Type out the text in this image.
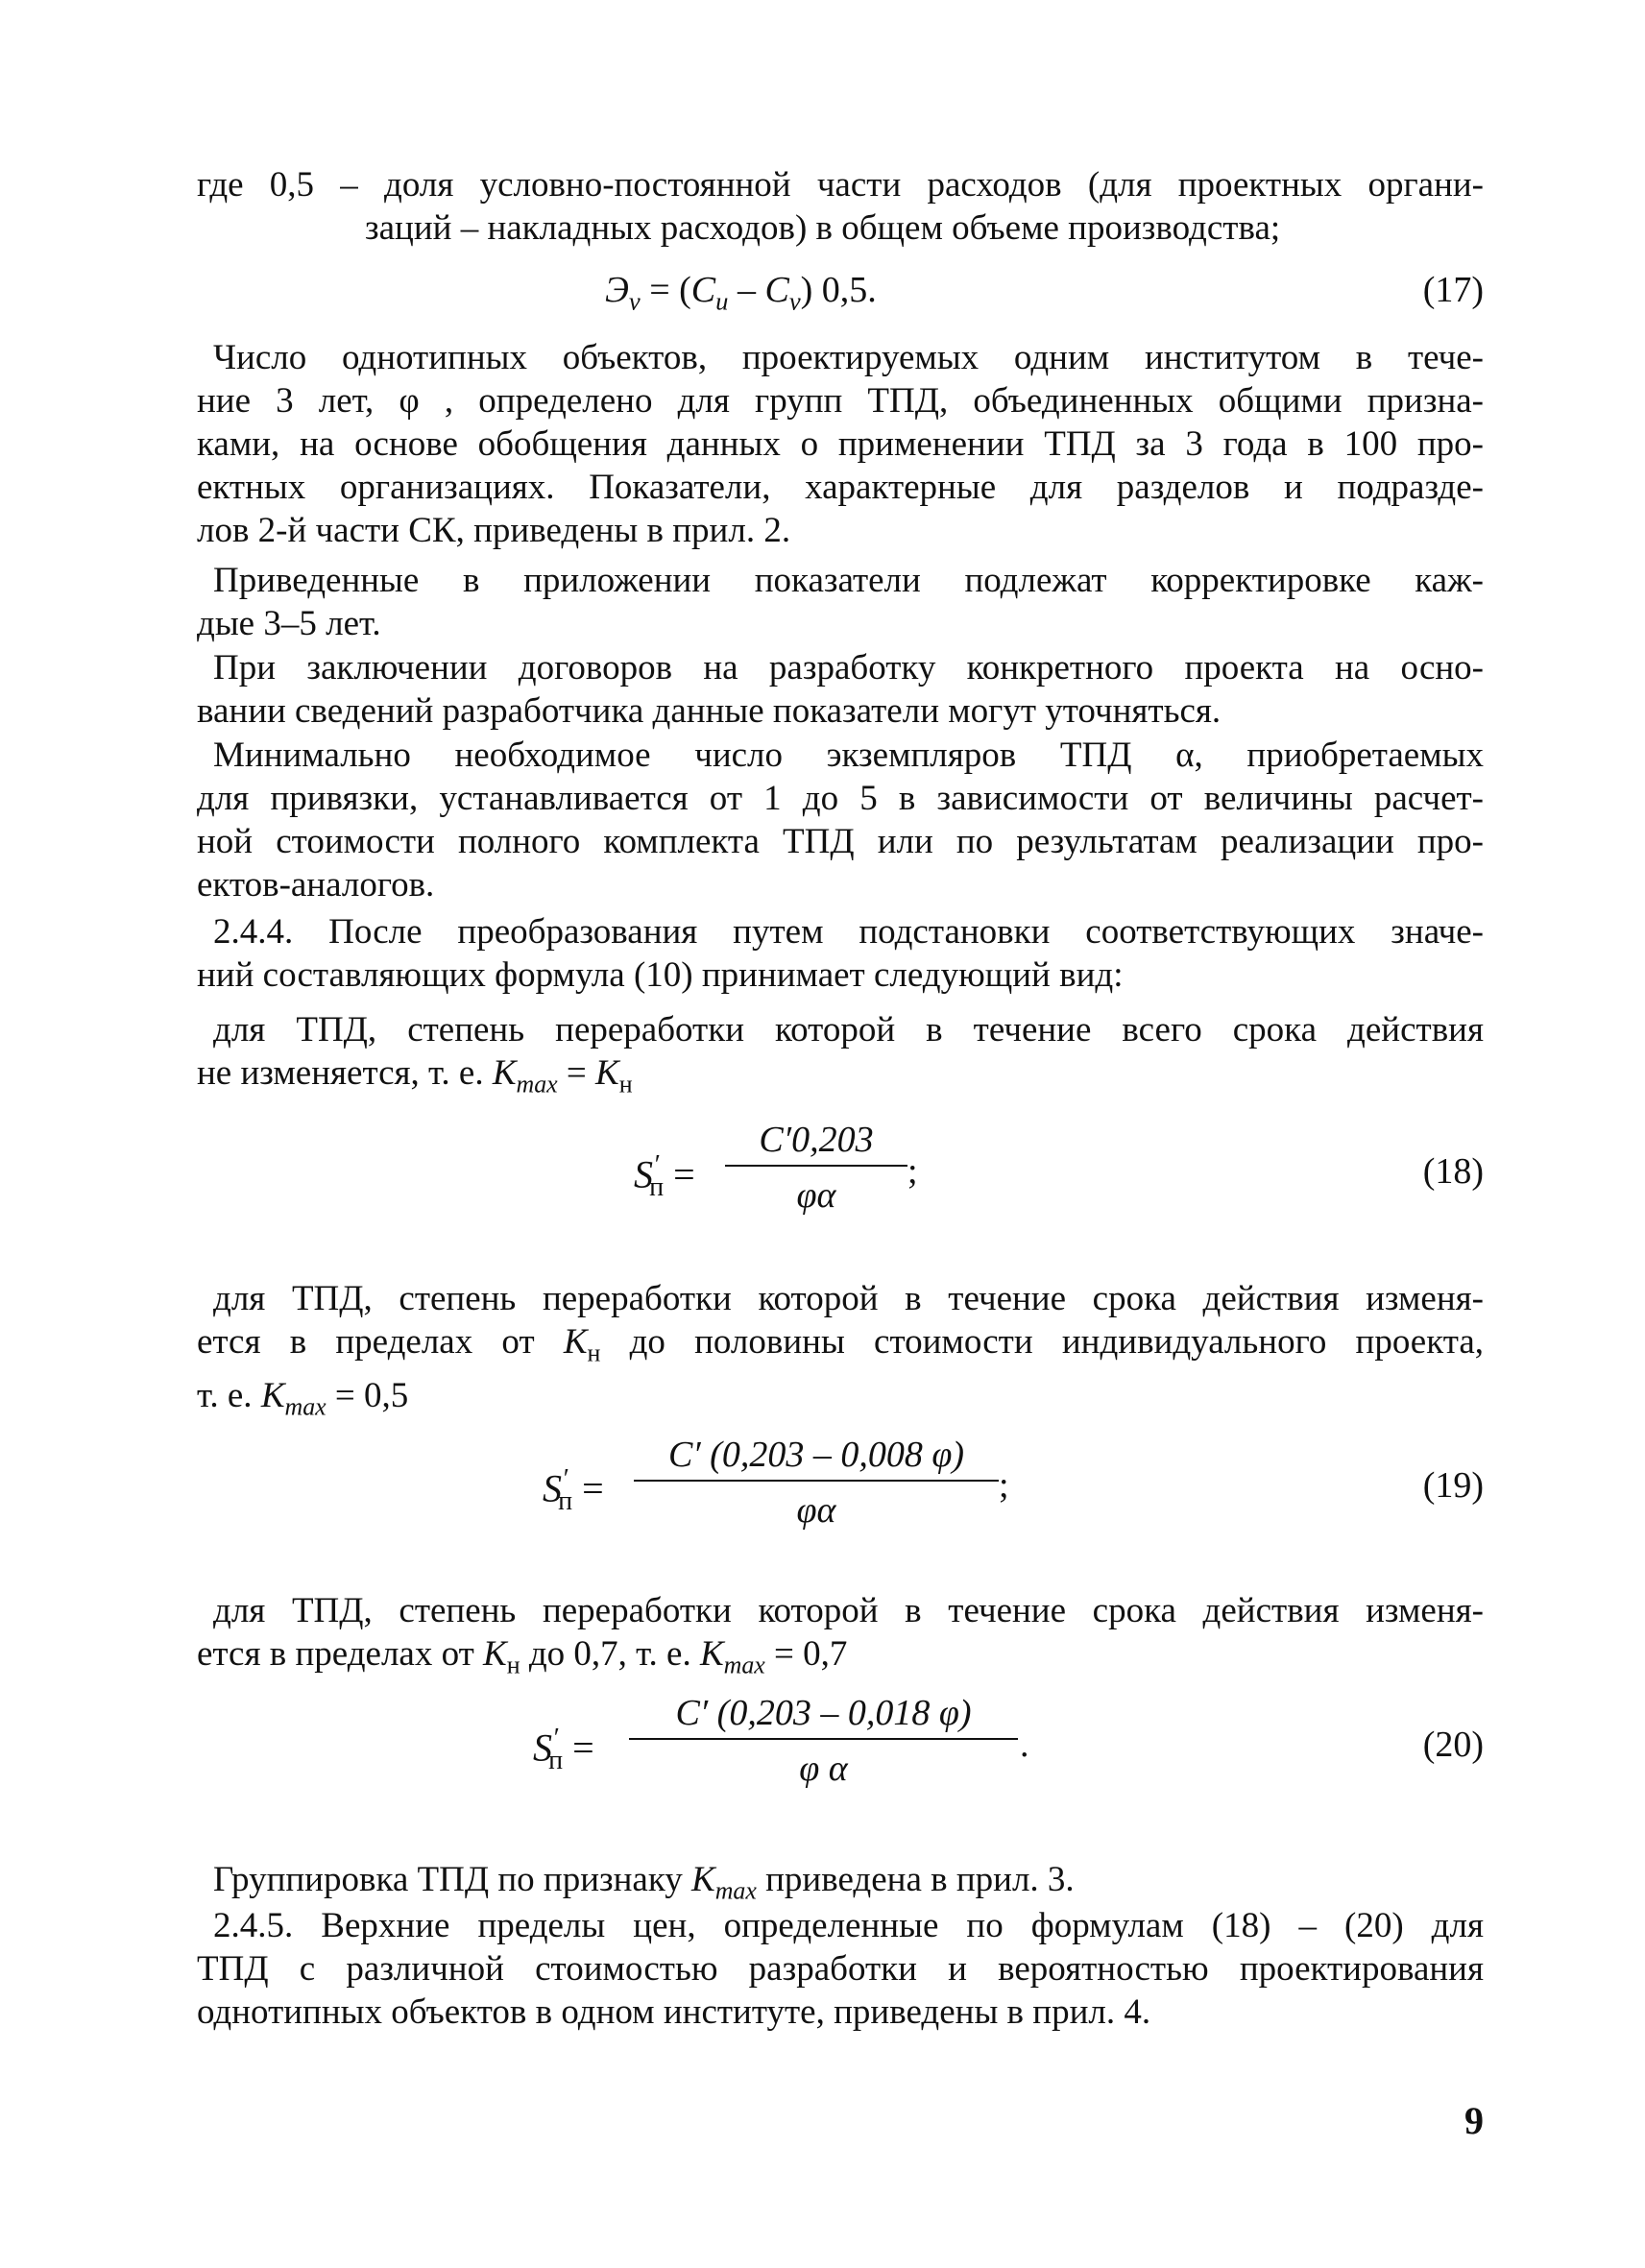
где 0,5 – доля условно-постоянной части расходов (для проектных органи-
заций – накладных расходов) в общем объеме производства;
$Э_v = (С_и - С_v)$ 0,5.	(17)
Число однотипных объектов, проектируемых одним институтом в тече-
ние 3 лет, φ , определено для групп ТПД, объединенных общими призна-
ками, на основе обобщения данных о применении ТПД за 3 года в 100 про-
ектных организациях. Показатели, характерные для разделов и подразде-
лов 2-й части СК, приведены в прил. 2.
Приведенные в приложении показатели подлежат корректировке каж-
дые 3–5 лет.
При заключении договоров на разработку конкретного проекта на осно-
вании сведений разработчика данные показатели могут уточняться.
Минимально необходимое число экземпляров ТПД α, приобретаемых
для привязки, устанавливается от 1 до 5 в зависимости от величины расчет-
ной стоимости полного комплекта ТПД или по результатам реализации про-
ектов-аналогов.
2.4.4. После преобразования путем подстановки соответствующих значе-
ний составляющих формула (10) принимает следующий вид:
для ТПД, степень переработки которой в течение всего срока действия
не изменяется, т. е. $K_{max} = K_н$
$S'_п$ =
С′0,203
φα
;	(18)
для ТПД, степень переработки которой в течение срока действия изменя-
ется в пределах от $K_н$ до половины стоимости индивидуального проекта,
т. е. $K_{max} = 0,5$
$S'_п$ =
С′ (0,203 – 0,008 φ)
φα
;	(19)
для ТПД, степень переработки которой в течение срока действия изменя-
ется в пределах от $K_н$ до 0,7, т. е. $K_{max} = 0,7$
$S'_п$ =
С′ (0,203 – 0,018 φ)
φ α
.	(20)
Группировка ТПД по признаку $K_{max}$ приведена в прил. 3.
2.4.5. Верхние пределы цен, определенные по формулам (18) – (20) для
ТПД с различной стоимостью разработки и вероятностью проектирования
однотипных объектов в одном институте, приведены в прил. 4.
9
